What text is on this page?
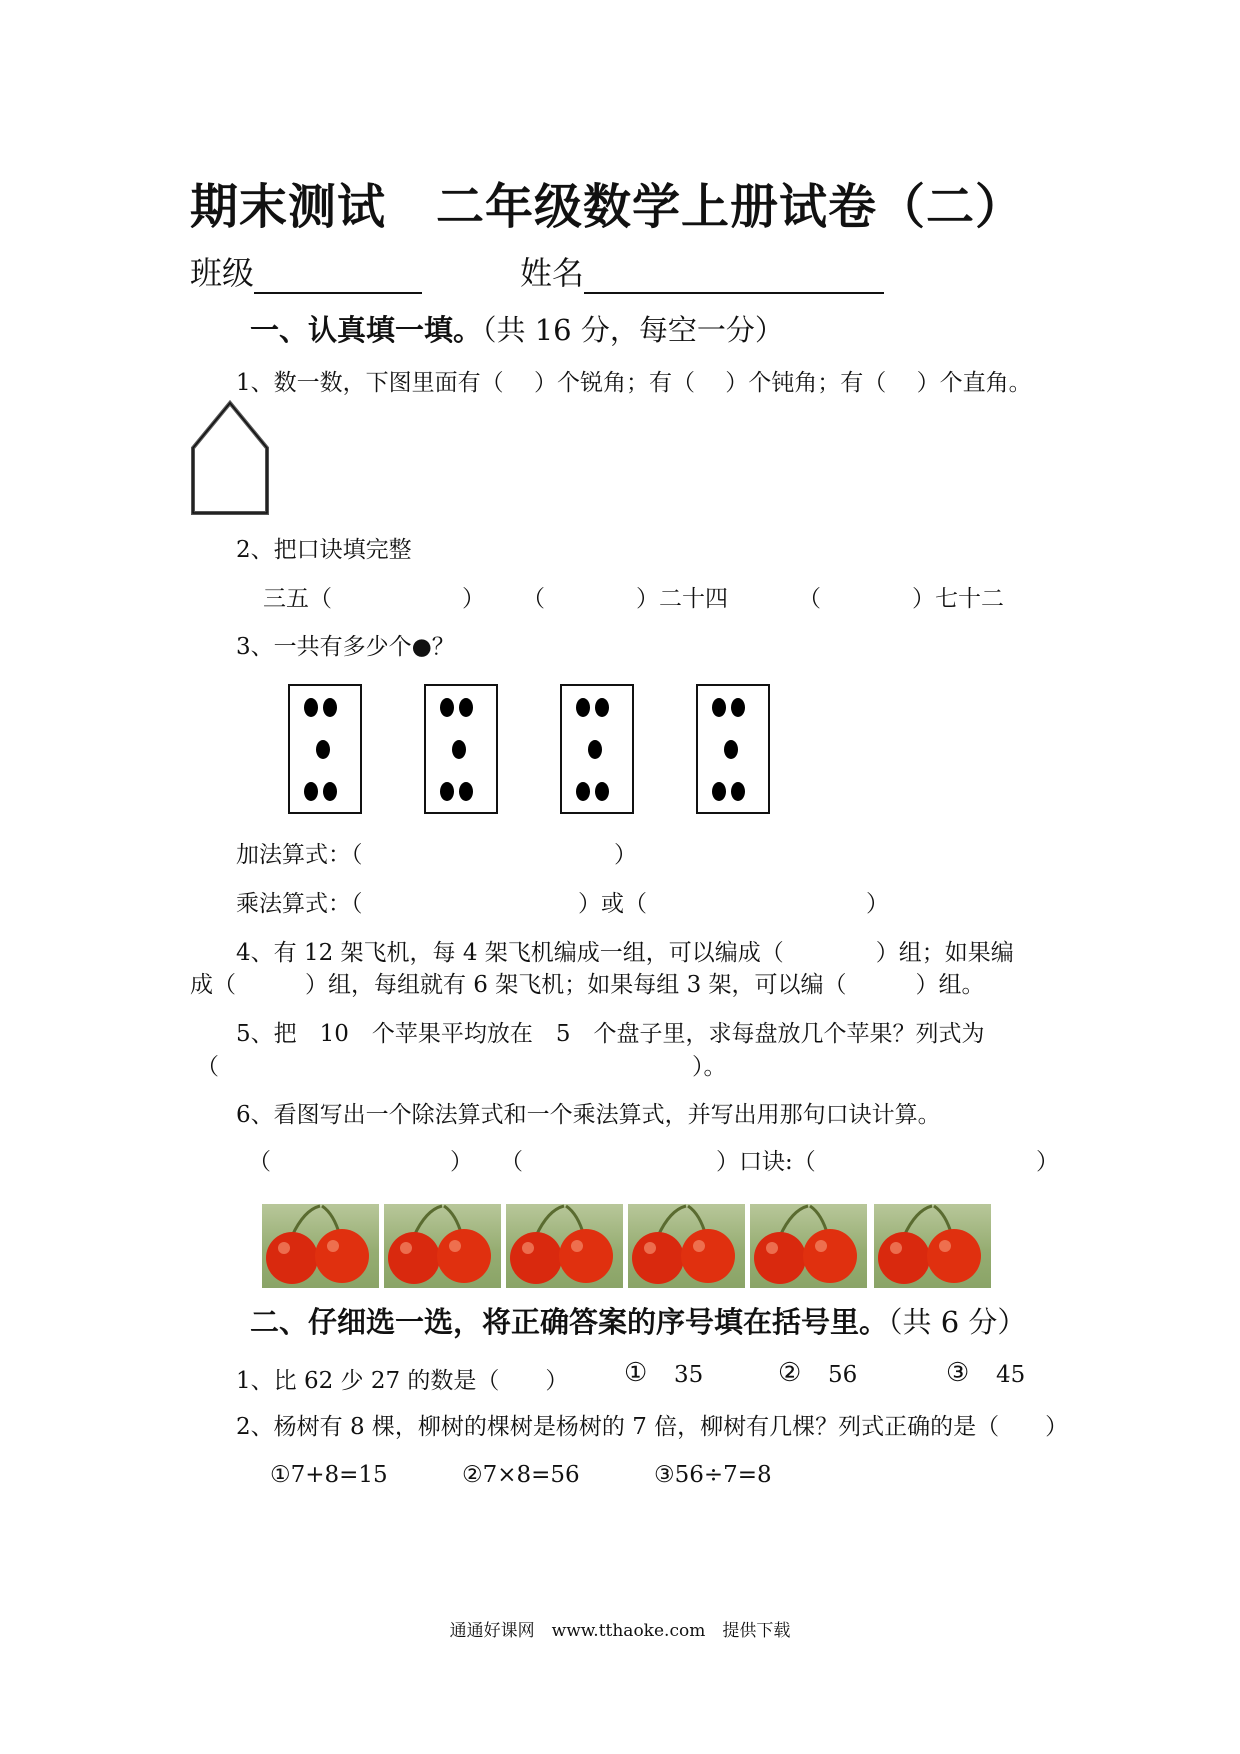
期末测试 二年级数学上册试卷（二）
班级	姓名
一、认真填一填。（共 16 分，每空一分）
1、数一数，下图里面有（　 ）个锐角；有（　 ）个钝角；有（　 ）个直角。
2、把口诀填完整
三五（	） （	）二十四	（	）七十二
3、一共有多少个●？
加法算式：（	）
乘法算式：（	）或（	）
4、有 12 架飞机，每 4 架飞机编成一组，可以编成（　　　　）组；如果编
成（　　　）组，每组就有 6 架飞机；如果每组 3 架，可以编（　　　）组。
5、把　10　个苹果平均放在　5　个盘子里，求每盘放几个苹果？列式为
（	）。
6、看图写出一个除法算式和一个乘法算式，并写出用那句口诀计算。
（	） （	）口诀:（	）
二、仔细选一选，将正确答案的序号填在括号里。（共 6 分）
1、比 62 少 27 的数是（　　） ① 35	② 56	③ 45
2、杨树有 8 棵，柳树的棵树是杨树的 7 倍，柳树有几棵？列式正确的是（　　）
①7+8=15	②7×8=56	③56÷7=8
通通好课网　www.tthaoke.com　提供下载
